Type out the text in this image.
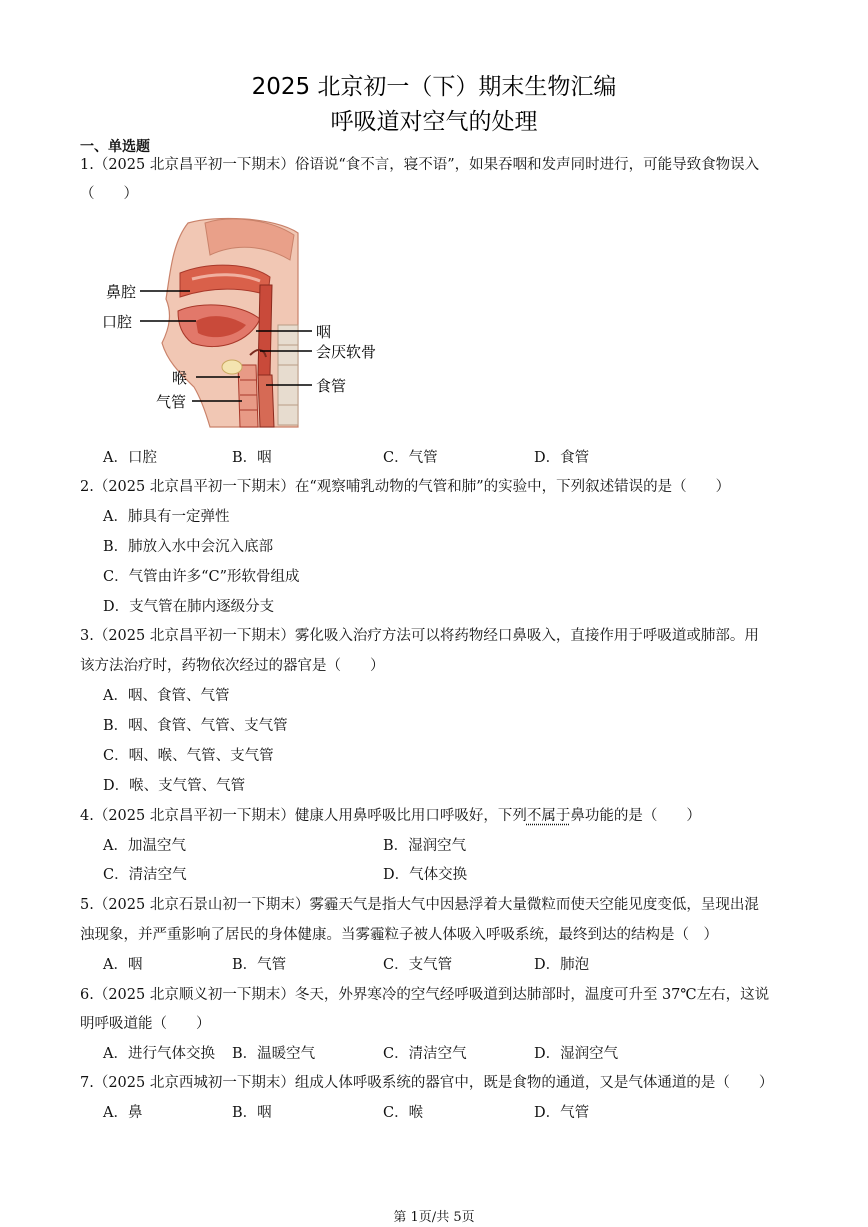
2025 北京初一（下）期末生物汇编
呼吸道对空气的处理
一、单选题
1.（2025 北京昌平初一下期末）俗语说“食不言，寝不语”，如果吞咽和发声同时进行，可能导致食物误入
（　　）
鼻腔
口腔
咽
会厌软骨
喉	食管
气管
A．口腔	B．咽	C．气管	D．食管
2.（2025 北京昌平初一下期末）在“观察哺乳动物的气管和肺”的实验中，下列叙述错误的是（　　）
A．肺具有一定弹性
B．肺放入水中会沉入底部
C．气管由许多“C”形软骨组成
D．支气管在肺内逐级分支
3.（2025 北京昌平初一下期末）雾化吸入治疗方法可以将药物经口鼻吸入，直接作用于呼吸道或肺部。用
该方法治疗时，药物依次经过的器官是（　　）
A．咽、食管、气管
B．咽、食管、气管、支气管
C．咽、喉、气管、支气管
D．喉、支气管、气管
4.（2025 北京昌平初一下期末）健康人用鼻呼吸比用口呼吸好，下列不属于鼻功能的是（　　）
A．加温空气	B．湿润空气
C．清洁空气	D．气体交换
5.（2025 北京石景山初一下期末）雾霾天气是指大气中因悬浮着大量微粒而使天空能见度变低，呈现出混
浊现象，并严重影响了居民的身体健康。当雾霾粒子被人体吸入呼吸系统，最终到达的结构是（　）
A．咽	B．气管	C．支气管	D．肺泡
6.（2025 北京顺义初一下期末）冬天，外界寒冷的空气经呼吸道到达肺部时，温度可升至 37℃左右，这说
明呼吸道能（　　）
A．进行气体交换 B．温暖空气	C．清洁空气	D．湿润空气
7.（2025 北京西城初一下期末）组成人体呼吸系统的器官中，既是食物的通道，又是气体通道的是（　　）
A．鼻	B．咽	C．喉	D．气管
第 1页/共 5页
